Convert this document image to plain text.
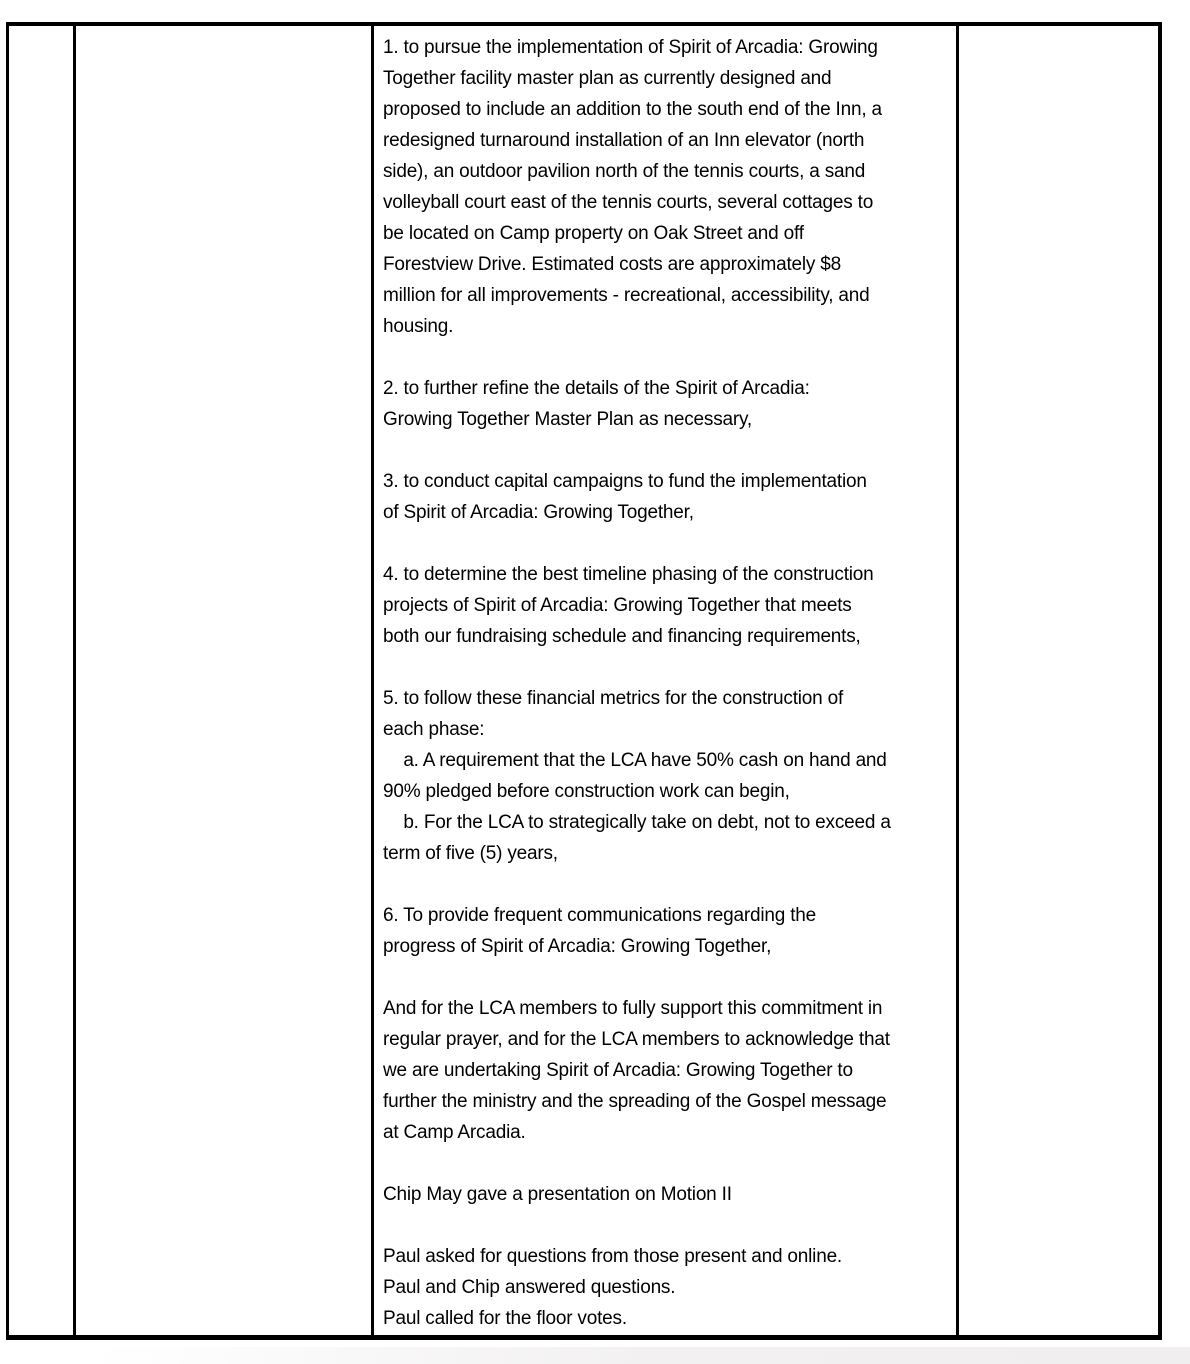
1. to pursue the implementation of Spirit of Arcadia: Growing
Together facility master plan as currently designed and
proposed to include an addition to the south end of the Inn, a
redesigned turnaround installation of an Inn elevator (north
side), an outdoor pavilion north of the tennis courts, a sand
volleyball court east of the tennis courts, several cottages to
be located on Camp property on Oak Street and off
Forestview Drive. Estimated costs are approximately $8
million for all improvements - recreational, accessibility, and
housing.
2. to further refine the details of the Spirit of Arcadia:
Growing Together Master Plan as necessary,
3. to conduct capital campaigns to fund the implementation
of Spirit of Arcadia: Growing Together,
4. to determine the best timeline phasing of the construction
projects of Spirit of Arcadia: Growing Together that meets
both our fundraising schedule and financing requirements,
5. to follow these financial metrics for the construction of
each phase:
a. A requirement that the LCA have 50% cash on hand and
90% pledged before construction work can begin,
b. For the LCA to strategically take on debt, not to exceed a
term of five (5) years,
6. To provide frequent communications regarding the
progress of Spirit of Arcadia: Growing Together,
And for the LCA members to fully support this commitment in
regular prayer, and for the LCA members to acknowledge that
we are undertaking Spirit of Arcadia: Growing Together to
further the ministry and the spreading of the Gospel message
at Camp Arcadia.
Chip May gave a presentation on Motion II
Paul asked for questions from those present and online.
Paul and Chip answered questions.
Paul called for the floor votes.
